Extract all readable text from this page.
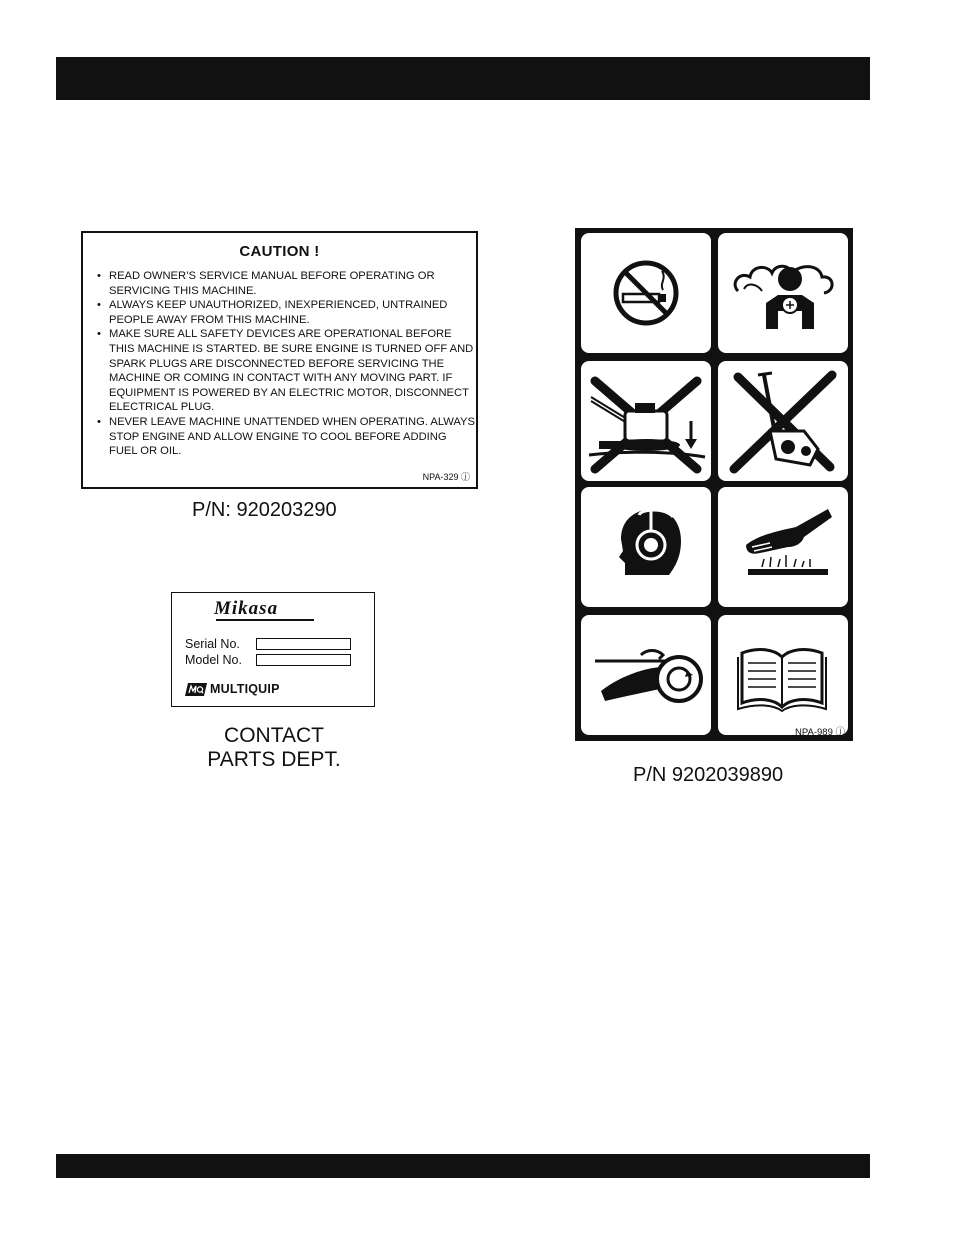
CAUTION !
• READ OWNER’S SERVICE MANUAL BEFORE OPERATING OR SERVICING THIS MACHINE.
• ALWAYS KEEP UNAUTHORIZED, INEXPERIENCED, UNTRAINED PEOPLE AWAY FROM THIS MACHINE.
• MAKE SURE ALL SAFETY DEVICES ARE OPERATIONAL BEFORE THIS MACHINE IS STARTED. BE SURE ENGINE IS TURNED OFF AND SPARK PLUGS ARE DISCONNECTED BEFORE SERVICING THE MACHINE OR COMING IN CONTACT WITH ANY MOVING PART. IF EQUIPMENT IS POWERED BY AN ELECTRIC MOTOR, DISCONNECT ELECTRICAL PLUG.
• NEVER LEAVE MACHINE UNATTENDED WHEN OPERATING. ALWAYS STOP ENGINE AND ALLOW ENGINE TO COOL BEFORE ADDING FUEL OR OIL.
NPA-329 ⓙ
P/N: 920203290
Mikasa
Serial No.
Model No.
MULTIQUIP
CONTACT
PARTS DEPT.
NPA-989 ⓙ
P/N 9202039890
